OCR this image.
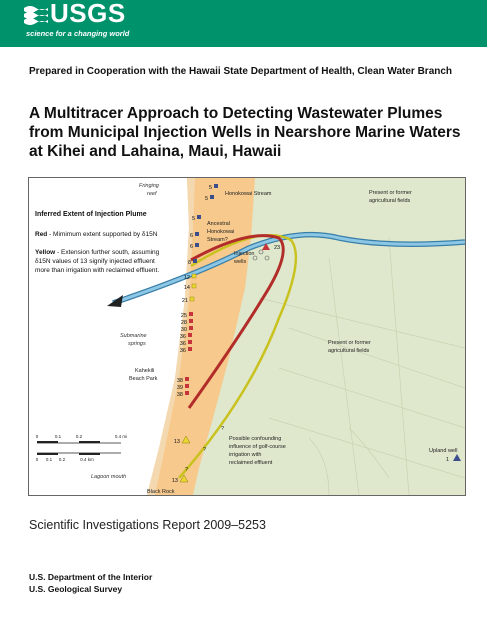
USGS
science for a changing world
Prepared in Cooperation with the Hawaii State Department of Health, Clean Water Branch
A Multitracer Approach to Detecting Wastewater Plumes
from Municipal Injection Wells in Nearshore Marine Waters
at Kihei and Lahaina, Maui, Hawaii
Inferred Extent of Injection Plume
Red - Mimimum extent supported by δ15N
Yellow - Extension further south, assuming
δ15N values of 13 signify injected effluent
more than irrigation with reclaimed effluent.
Fringing
reef
Submarine
springs
Lagoon mouth
Honokowai Stream
Ancestral
Honokowai
Stream?
Injection
wells
Present or former
agricultural fields
Present or former
agricultural fields
Kahekili
Beach Park
Possible confounding
influence of golf-course
irrigation with
reclaimed effluent
Upland well
1
Black Rock
?
?
?
5
5
5
6
6
8
12
14
21
25
28
30
36
36
36
38
39
38
13
13
23
0	0.1	0.2	0.4 mi
0 0.1 0.2	0.4 km
Scientific Investigations Report 2009–5253
U.S. Department of the Interior
U.S. Geological Survey
